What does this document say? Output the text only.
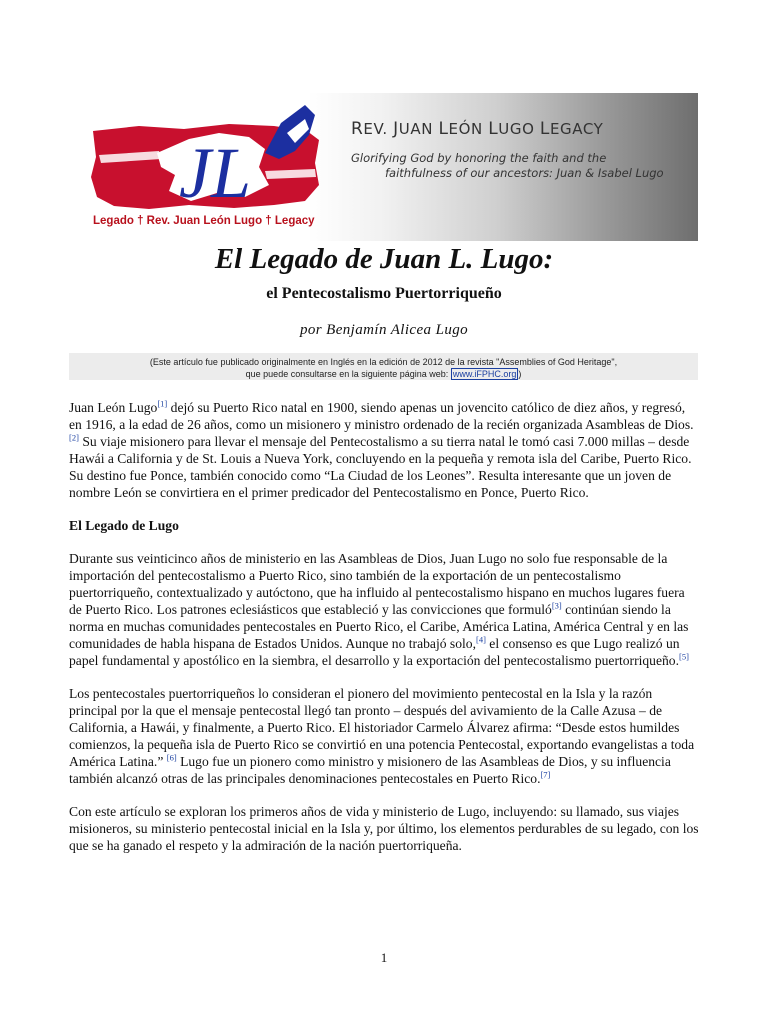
JL
REV. JUAN LEÓN LUGO LEGACY
Glorifying God by honoring the faith and the
faithfulness of our ancestors: Juan & Isabel Lugo
Legado † Rev. Juan León Lugo † Legacy
El Legado de Juan L. Lugo:
el Pentecostalismo Puertorriqueño
por Benjamín Alicea Lugo
(Este artículo fue publicado originalmente en Inglés en la edición de 2012 de la revista "Assemblies of God Heritage",
que puede consultarse en la siguiente página web: www.iFPHC.org )

Juan León Lugo[1] dejó su Puerto Rico natal en 1900, siendo apenas un jovencito católico de diez años, y regresó, en 1916, a la edad de 26 años, como un misionero y ministro ordenado de la recién organizada Asambleas de Dios. [2] Su viaje misionero para llevar el mensaje del Pentecostalismo a su tierra natal le tomó casi 7.000 millas – desde Hawái a California y de St. Louis a Nueva York, concluyendo en la pequeña y remota isla del Caribe, Puerto Rico. Su destino fue Ponce, también conocido como “La Ciudad de los Leones”. Resulta interesante que un joven de nombre León se convirtiera en el primer predicador del Pentecostalismo en Ponce, Puerto Rico.

El Legado de Lugo

Durante sus veinticinco años de ministerio en las Asambleas de Dios, Juan Lugo no solo fue responsable de la importación del pentecostalismo a Puerto Rico, sino también de la exportación de un pentecostalismo puertorriqueño, contextualizado y autóctono, que ha influido al pentecostalismo hispano en muchos lugares fuera de Puerto Rico. Los patrones eclesiásticos que estableció y las convicciones que formuló[3] continúan siendo la norma en muchas comunidades pentecostales en Puerto Rico, el Caribe, América Latina, América Central y en las comunidades de habla hispana de Estados Unidos. Aunque no trabajó solo,[4] el consenso es que Lugo realizó un papel fundamental y apostólico en la siembra, el desarrollo y la exportación del pentecostalismo puertorriqueño.[5]

Los pentecostales puertorriqueños lo consideran el pionero del movimiento pentecostal en la Isla y la razón principal por la que el mensaje pentecostal llegó tan pronto – después del avivamiento de la Calle Azusa – de California, a Hawái, y finalmente, a Puerto Rico. El historiador Carmelo Álvarez afirma: “Desde estos humildes comienzos, la pequeña isla de Puerto Rico se convirtió en una potencia Pentecostal, exportando evangelistas a toda América Latina.” [6] Lugo fue un pionero como ministro y misionero de las Asambleas de Dios, y su influencia también alcanzó otras de las principales denominaciones pentecostales en Puerto Rico.[7]

Con este artículo se exploran los primeros años de vida y ministerio de Lugo, incluyendo: su llamado, sus viajes misioneros, su ministerio pentecostal inicial en la Isla y, por último, los elementos perdurables de su legado, con los que se ha ganado el respeto y la admiración de la nación puertorriqueña.

1
